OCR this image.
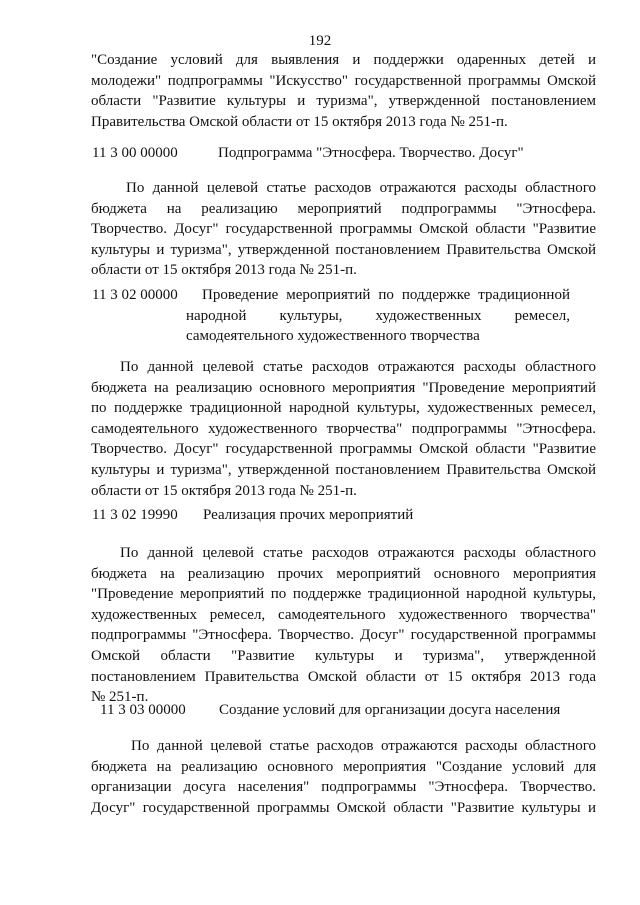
192
"Создание условий для выявления и поддержки одаренных детей и
молодежи" подпрограммы "Искусство" государственной программы Омской
области "Развитие культуры и туризма", утвержденной постановлением
Правительства Омской области от 15 октября 2013 года № 251-п.
11 3 00 00000	Подпрограмма "Этносфера. Творчество. Досуг"
По данной целевой статье расходов отражаются расходы областного
бюджета на реализацию мероприятий подпрограммы "Этносфера.
Творчество. Досуг" государственной программы Омской области "Развитие
культуры и туризма", утвержденной постановлением Правительства Омской
области от 15 октября 2013 года № 251-п.
11 3 02 00000	Проведение мероприятий по поддержке традиционной
народной культуры, художественных ремесел,
самодеятельного художественного творчества
По данной целевой статье расходов отражаются расходы областного
бюджета на реализацию основного мероприятия "Проведение мероприятий
по поддержке традиционной народной культуры, художественных ремесел,
самодеятельного художественного творчества" подпрограммы "Этносфера.
Творчество. Досуг" государственной программы Омской области "Развитие
культуры и туризма", утвержденной постановлением Правительства Омской
области от 15 октября 2013 года № 251-п.
11 3 02 19990 Реализация прочих мероприятий
По данной целевой статье расходов отражаются расходы областного
бюджета на реализацию прочих мероприятий основного мероприятия
"Проведение мероприятий по поддержке традиционной народной культуры,
художественных ремесел, самодеятельного художественного творчества"
подпрограммы "Этносфера. Творчество. Досуг" государственной программы
Омской области "Развитие культуры и туризма", утвержденной
постановлением Правительства Омской области от 15 октября 2013 года
№ 251-п.
11 3 03 00000 Создание условий для организации досуга населения
По данной целевой статье расходов отражаются расходы областного
бюджета на реализацию основного мероприятия "Создание условий для
организации досуга населения" подпрограммы "Этносфера. Творчество.
Досуг" государственной программы Омской области "Развитие культуры и
